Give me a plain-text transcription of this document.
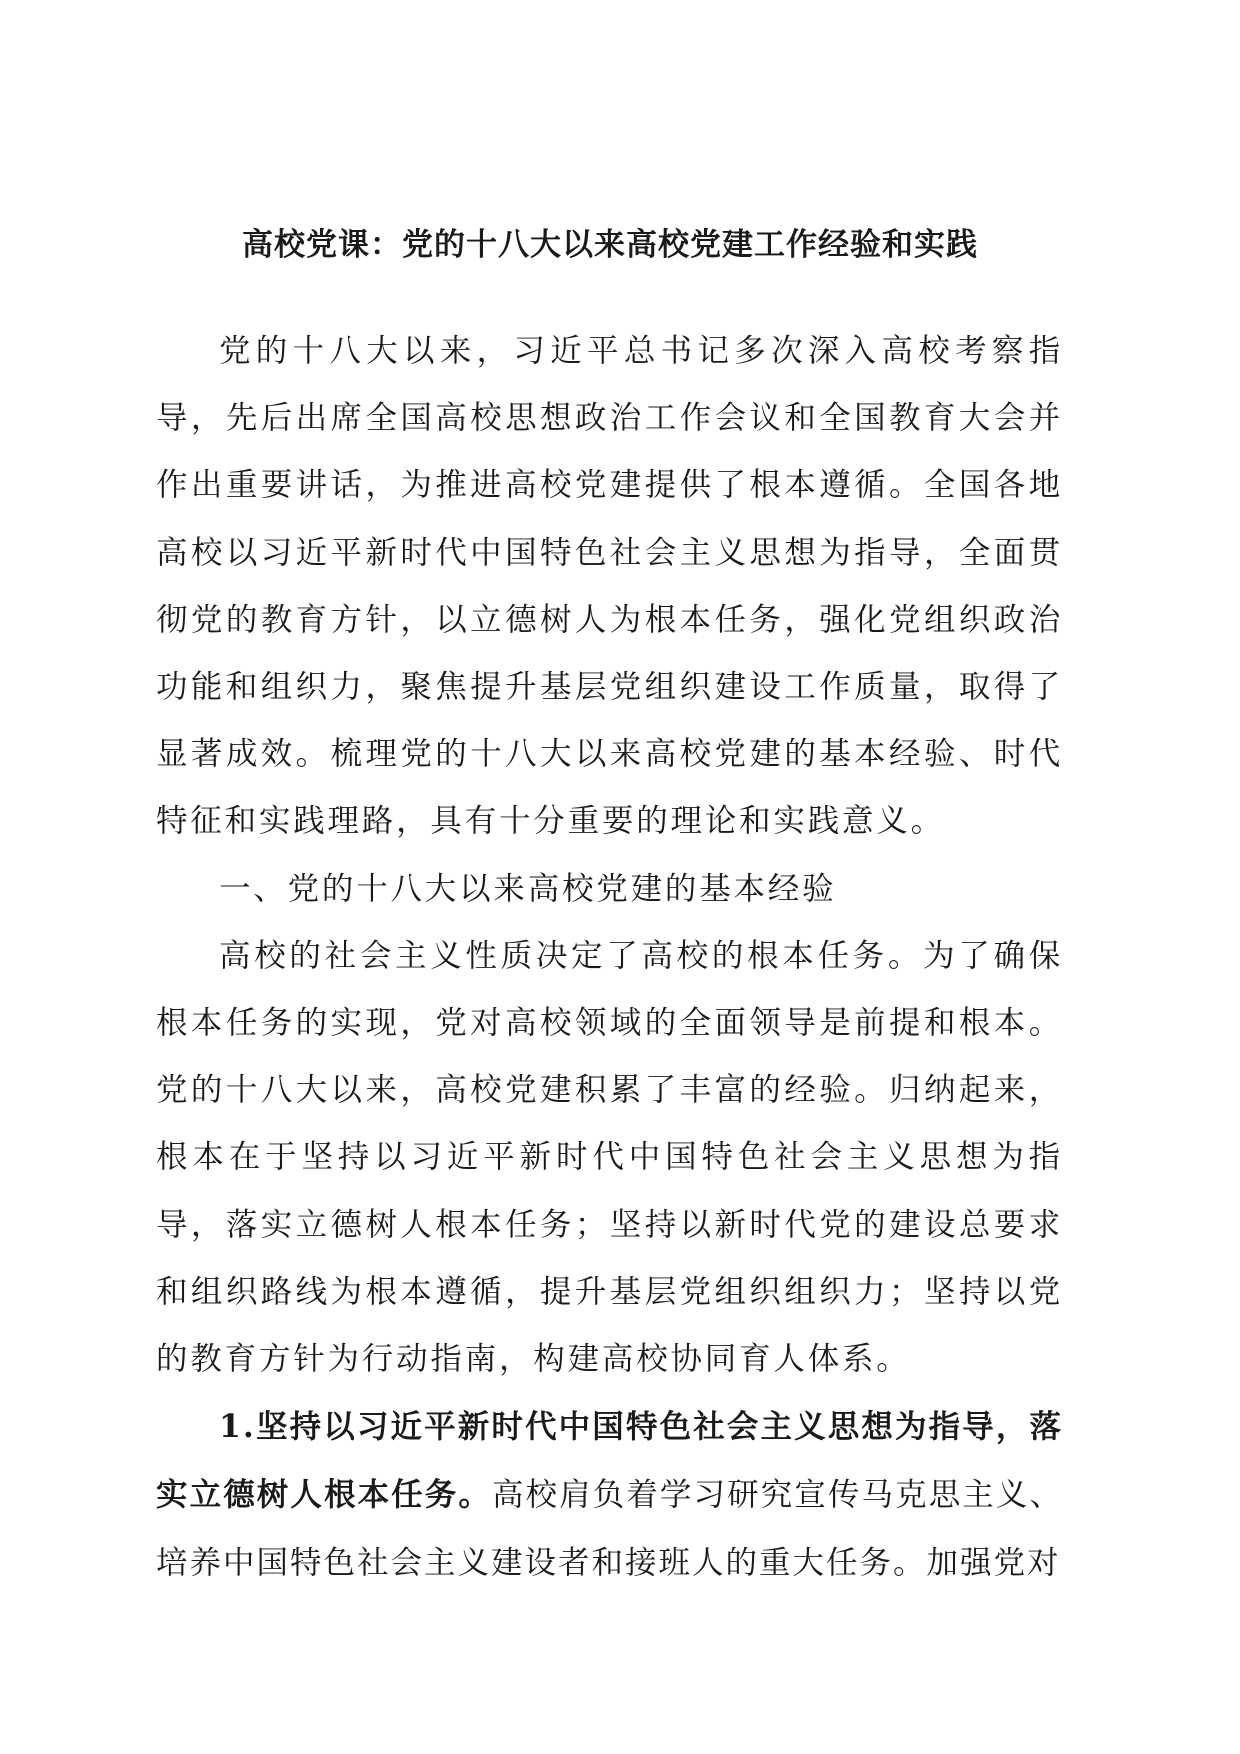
高校党课：党的十八大以来高校党建工作经验和实践

党的十八大以来，习近平总书记多次深入高校考察指导，先后出席全国高校思想政治工作会议和全国教育大会并作出重要讲话，为推进高校党建提供了根本遵循。全国各地高校以习近平新时代中国特色社会主义思想为指导，全面贯彻党的教育方针，以立德树人为根本任务，强化党组织政治功能和组织力，聚焦提升基层党组织建设工作质量，取得了显著成效。梳理党的十八大以来高校党建的基本经验、时代特征和实践理路，具有十分重要的理论和实践意义。

一、党的十八大以来高校党建的基本经验

高校的社会主义性质决定了高校的根本任务。为了确保根本任务的实现，党对高校领域的全面领导是前提和根本。党的十八大以来，高校党建积累了丰富的经验。归纳起来，根本在于坚持以习近平新时代中国特色社会主义思想为指导，落实立德树人根本任务；坚持以新时代党的建设总要求和组织路线为根本遵循，提升基层党组织组织力；坚持以党的教育方针为行动指南，构建高校协同育人体系。

1.坚持以习近平新时代中国特色社会主义思想为指导，落实立德树人根本任务。高校肩负着学习研究宣传马克思主义、培养中国特色社会主义建设者和接班人的重大任务。加强党对
